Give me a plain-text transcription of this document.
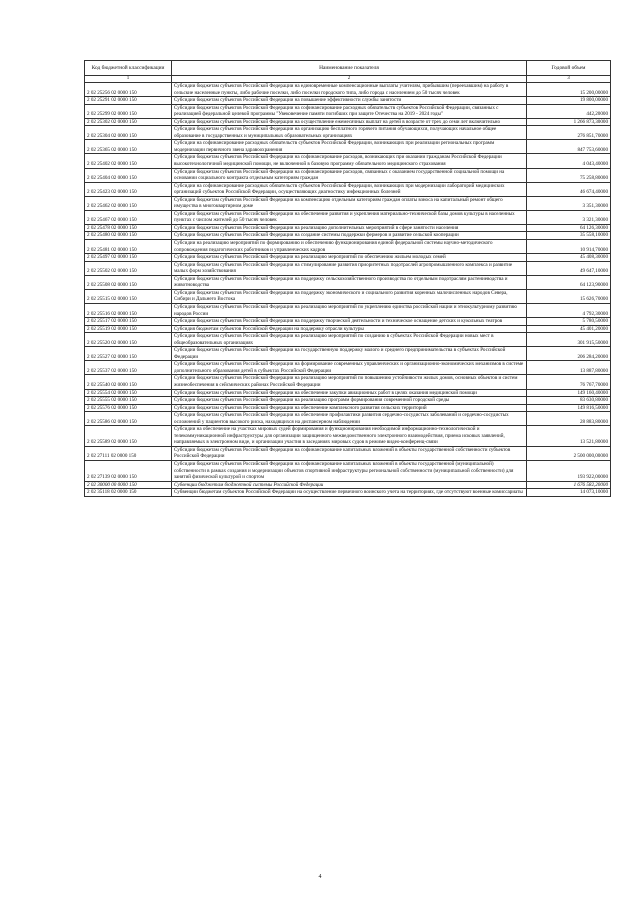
Код бюджетной классификации	Наименование показателя	Годовой объем
1	2	3
2 02 25256 02 0000 150	Субсидии бюджетам субъектов Российской Федерации на единовременные компенсационные выплаты учителям, прибывшим (переехавшим) на работу в сельские населенные пункты, либо рабочие поселки, либо поселки городского типа, либо города с населением до 50 тысяч человек	15 200,00000
2 02 25291 02 0000 150	Субсидии бюджетам субъектов Российской Федерации на повышение эффективности службы занятости	19 800,00000
2 02 25299 02 0000 150	Субсидии бюджетам субъектов Российской Федерации на софинансирование расходных обязательств субъектов Российской Федерации, связанных с реализацией федеральной целевой программы "Увековечение памяти погибших при защите Отечества на 2019 - 2024 годы"	442,20000
2 02 25302 02 0000 150	Субсидии бюджетам субъектов Российской Федерации на осуществление ежемесячных выплат на детей в возрасте от трех до семи лет включительно	1 266 873,30000
2 02 25304 02 0000 150	Субсидии бюджетам субъектов Российской Федерации на организацию бесплатного горячего питания обучающихся, получающих начальное общее образование в государственных и муниципальных образовательных организациях	276 851,70000
2 02 25365 02 0000 150	Субсидии на софинансирование расходных обязательств субъектов Российской Федерации, возникающих при реализации региональных программ модернизации первичного звена здравоохранения	847 753,60000
2 02 25402 02 0000 150	Субсидии бюджетам субъектов Российской Федерации на софинансирование расходов, возникающих при оказании гражданам Российской Федерации высокотехнологичной медицинской помощи, не включенной в базовую программу обязательного медицинского страхования	4 043,40000
2 02 25404 02 0000 150	Субсидии бюджетам субъектов Российской Федерации на софинансирование расходов, связанных с оказанием государственной социальной помощи на основании социального контракта отдельным категориям граждан	75 258,80000
2 02 25423 02 0000 150	Субсидии на софинансирование расходных обязательств субъектов Российской Федерации, возникающих при модернизации лабораторий медицинских организаций субъектов Российской Федерации, осуществляющих диагностику инфекционных болезней	46 674,40000
2 02 25462 02 0000 150	Субсидии бюджетам субъектов Российской Федерации на компенсацию отдельным категориям граждан оплаты взноса на капитальный ремонт общего имущества в многоквартирном доме	3 351,30000
2 02 25467 02 0000 150	Субсидии бюджетам субъектов Российской Федерации на обеспечение развития и укрепления материально-технической базы домов культуры в населенных пунктах с числом жителей до 50 тысяч человек	3 321,30000
2 02 25478 02 0000 150	Субсидии бюджетам субъектов Российской Федерации на реализацию дополнительных мероприятий в сфере занятости населения	64 126,30000
2 02 25480 02 0000 150	Субсидии бюджетам субъектов Российской Федерации на создание системы поддержки фермеров и развитие сельской кооперации	35 558,10000
2 02 25481 02 0000 150	Субсидии на реализацию мероприятий по формированию и обеспечению функционирования единой федеральной системы научно-методического сопровождения педагогических работников и управленческих кадров	10 914,70000
2 02 25497 02 0000 150	Субсидии бюджетам субъектов Российской Федерации на реализацию мероприятий по обеспечению жильем молодых семей	45 408,30000
2 02 25502 02 0000 150	Субсидии бюджетам субъектов Российской Федерации на стимулирование развития приоритетных подотраслей агропромышленного комплекса и развитие малых форм хозяйствования	49 647,10000
2 02 25508 02 0000 150	Субсидии бюджетам субъектов Российской Федерации на поддержку сельскохозяйственного производства по отдельным подотраслям растениеводства и животноводства	64 123,90000
2 02 25515 02 0000 150	Субсидии бюджетам субъектов Российской Федерации на поддержку экономического и социального развития коренных малочисленных народов Севера, Сибири и Дальнего Востока	15 626,70000
2 02 25516 02 0000 150	Субсидии бюджетам субъектов Российской Федерации на реализацию мероприятий по укреплению единства российской нации и этнокультурному развитию народов России	4 792,30000
2 02 25517 02 0000 150	Субсидии бюджетам субъектов Российской Федерации на поддержку творческой деятельности и техническое оснащение детских и кукольных театров	5 780,50000
2 02 25519 02 0000 150	Субсидия бюджетам субъектов Российской Федерации на поддержку отрасли культуры	45 401,20000
2 02 25520 02 0000 150	Субсидии бюджетам субъектов Российской Федерации на реализацию мероприятий по созданию в субъектах Российской Федерации новых мест в общеобразовательных организациях	301 915,50000
2 02 25527 02 0000 150	Субсидии бюджетам субъектов Российской Федерации на государственную поддержку малого и среднего предпринимательства в субъектах Российской Федерации	206 284,20000
2 02 25537 02 0000 150	Субсидии бюджетам субъектов Российской Федерации на формирование современных управленческих и организационно-экономических механизмов в системе дополнительного образования детей в субъектах Российской Федерации	13 887,80000
2 02 25540 02 0000 150	Субсидии бюджетам субъектов Российской Федерации на реализацию мероприятий по повышению устойчивости жилых домов, основных объектов и систем жизнеобеспечения в сейсмических районах Российской Федерации	76 767,70000
2 02 25554 02 0000 150	Субсидии бюджетам субъектов Российской Федерации на обеспечение закупки авиационных работ в целях оказания медицинской помощи	149 160,40000
2 02 25555 02 0000 150	Субсидии бюджетам субъектов Российской Федерации на реализацию программ формирования современной городской среды	83 630,80000
2 02 25576 02 0000 150	Субсидии бюджетам субъектов Российской Федерации на обеспечение комплексного развития сельских территорий	149 816,50000
2 02 25586 02 0000 150	Субсидии бюджетам субъектов Российской Федерации на обеспечение профилактики развития сердечно-сосудистых заболеваний и сердечно-сосудистых осложнений у пациентов высокого риска, находящихся на диспансерном наблюдении	28 883,80000
2 02 25589 02 0000 150	Субсидии на обеспечение на участках мировых судей формирования и функционирования необходимой информационно-технологической и телекоммуникационной инфраструктуры для организации защищенного межведомственного электронного взаимодействия, приема исковых заявлений, направляемых в электронном виде, и организации участия в заседаниях мировых судов в режиме видео-конференц-связи	13 521,80000
2 02 27111 02 0000 150	Субсидии бюджетам субъектов Российской Федерации на софинансирование капитальных вложений в объекты государственной собственности субъектов Российской Федерации	2 500 000,00000
2 02 27139 02 0000 150	Субсидии бюджетам субъектов Российской Федерации на софинансирование капитальных вложений в объекты государственной (муниципальной) собственности в рамках создания и модернизации объектов спортивной инфраструктуры региональной собственности (муниципальной собственности) для занятий физической культурой и спортом	193 922,00000
2 02 30000 00 0000 150	Субвенции бюджетам бюджетной системы Российской Федерации	1 676 582,20000
2 02 35118 02 0000 150	Субвенции бюджетам субъектов Российской Федерации на осуществление первичного воинского учета на территориях, где отсутствуют военные комиссариаты	14 073,10000
4
